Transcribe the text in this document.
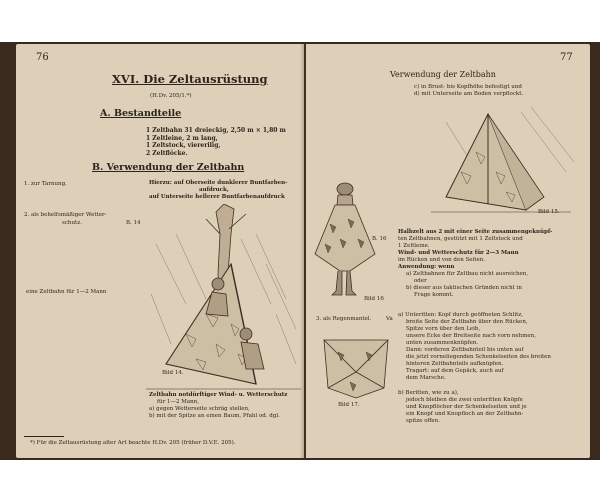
76
XVI. Die Zeltausrüstung
(H.Dv. 205/1.*)
A. Bestandteile
1 Zeltbahn 31 dreieckig, 2,50 m × 1,80 m
1 Zeltleine, 2 m lang,
1 Zeltstock, viererilig,
2 Zeltflöcke.
B. Verwendung der Zeltbahn
1. zur Tarnung.	Hierzu: auf Oberseite dunklerer Buntfarben-
aufdruck,
auf Unterseite hellerer Buntfarbenaufdruck
2. als behelfsmäßiger Wetter-
schutz.	B. 14
eine Zeltbahn für 1—2 Mann
Bild 14.
Zeltbahn notdürftiger Wind- u. Wetterschutz
für 1—2 Mann,
a) gegen Wetterseite schräg stellen,
b) mit der Spitze an einen Baum, Pfahl od. dgl.
*) Für die Zeltausrüstung alter Art beachte H.Dv. 205 (früher D.V.E. 205).
77
Verwendung der Zeltbahn
c) in Brust- bis Kopfhöhe befestigt und
d) mit Unterseite am Boden verpflockt.
Bild 15.
Bild 16
B. 16
3. als Regenmantel.	Va
Bild 17.
Halbzelt aus 2 mit einer Seite zusammengeknüpf-
ten Zeltbahnen, gestützt mit 1 Zeltstock und
1 Zeltleine.
Wind- und Wetterschutz für 2—3 Mann
im Rücken und von den Seiten.
Anwendung: wenn
a) Zeltbahnen für Zeltbau nicht ausreichen,
oder
b) dieser aus taktischen Gründen nicht in
Frage kommt.
a) Unteritten: Kopf durch geöffneten Schlitz,
breite Seite der Zeltbahn über den Rücken,
Spitze vorn über den Leib,
unsere Ecke der Breitseite nach vorn nehmen,
unten zusammenknüpfen.
Dann: vorderen Zeltbahnteil bis unten auf
die jetzt vorneliegenden Schenkelseiten des breiten
hinteren Zeltbahnteils aufknüpfen.
Tragart: auf dem Gepäck, auch auf
dem Marsche.
b) Beritten, wie zu a),
jedoch bleiben die zwei unteritten Knöpfe
und Knopflöcher der Schenkelseiten und je
ein Knopf und Knopfloch an der Zeltbahn-
spitze offen.
